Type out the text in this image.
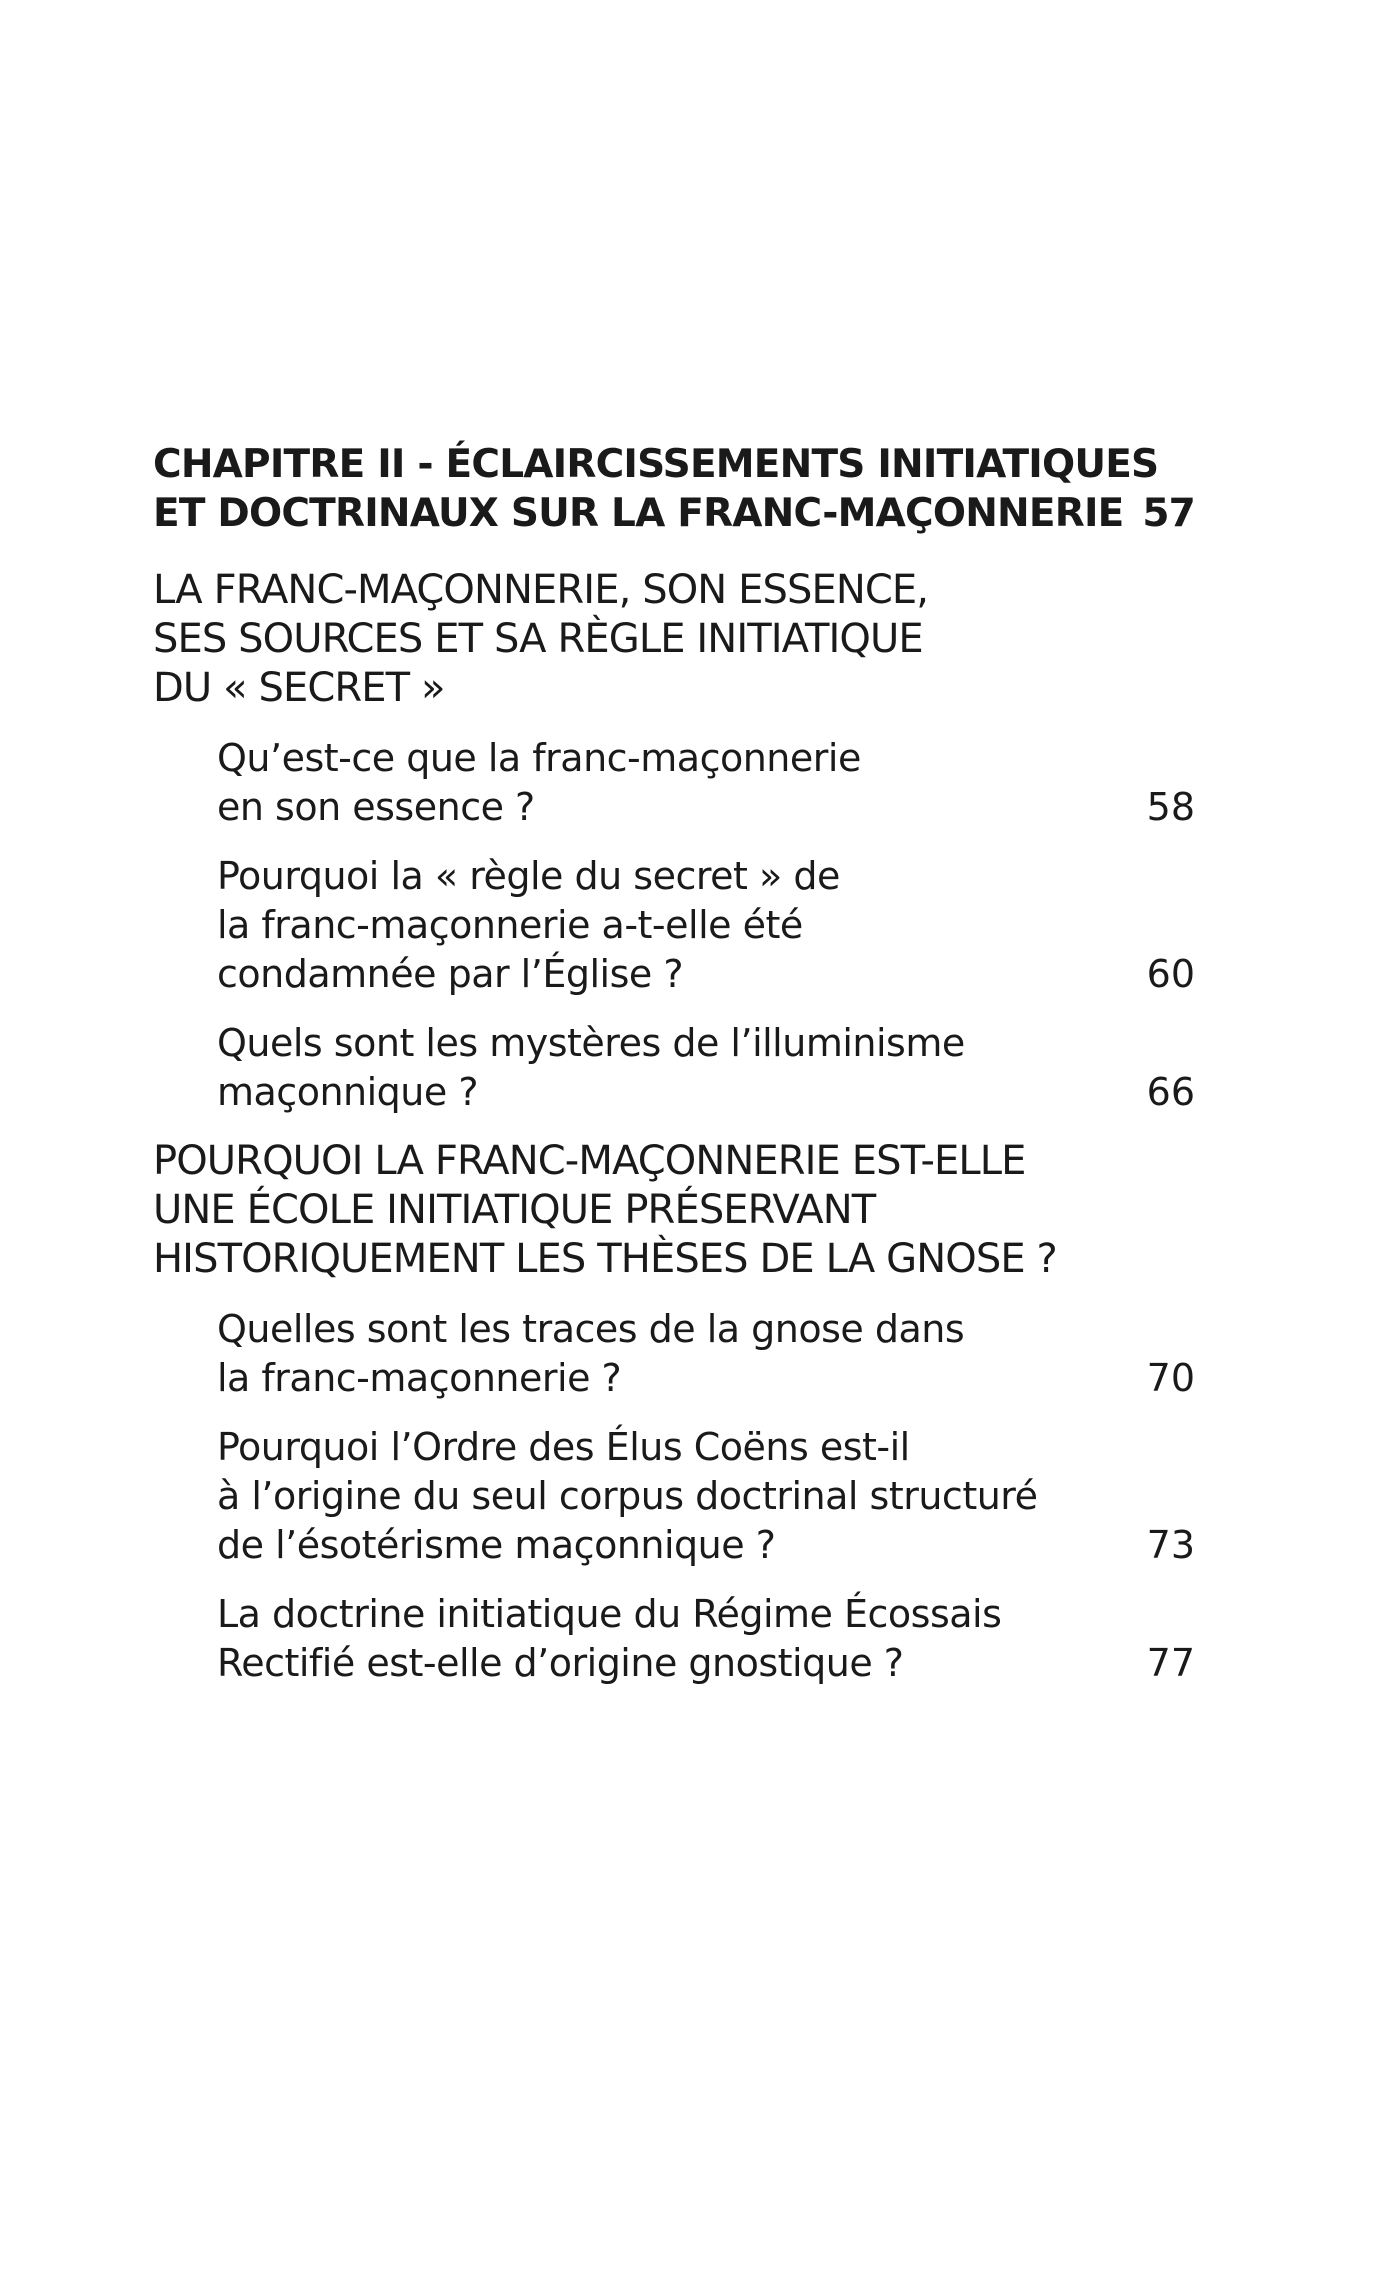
CHAPITRE II - ÉCLAIRCISSEMENTS INITIATIQUES
ET DOCTRINAUX SUR LA FRANC-MAÇONNERIE 57
LA FRANC-MAÇONNERIE, SON ESSENCE,
SES SOURCES ET SA RÈGLE INITIATIQUE
DU « SECRET »
Qu’est-ce que la franc-maçonnerie
en son essence ?	58
Pourquoi la « règle du secret » de
la franc-maçonnerie a-t-elle été
condamnée par l’Église ?	60
Quels sont les mystères de l’illuminisme
maçonnique ?	66
POURQUOI LA FRANC-MAÇONNERIE EST-ELLE
UNE ÉCOLE INITIATIQUE PRÉSERVANT
HISTORIQUEMENT LES THÈSES DE LA GNOSE ?
Quelles sont les traces de la gnose dans
la franc-maçonnerie ?	70
Pourquoi l’Ordre des Élus Coëns est-il
à l’origine du seul corpus doctrinal structuré
de l’ésotérisme maçonnique ?	73
La doctrine initiatique du Régime Écossais
Rectifié est-elle d’origine gnostique ?	77
